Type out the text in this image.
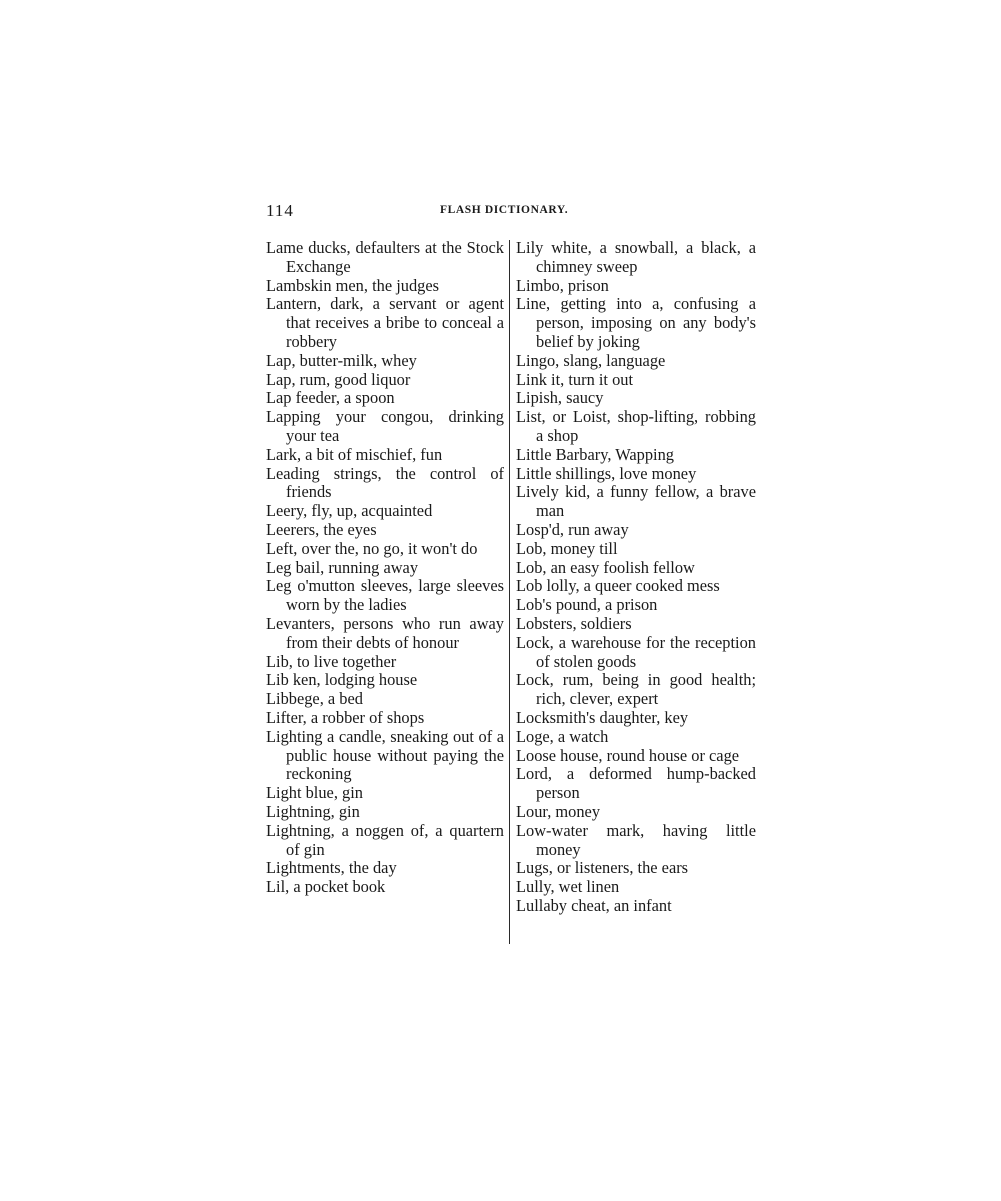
114	FLASH DICTIONARY.
Lame ducks, defaulters at the Stock Exchange
Lambskin men, the judges
Lantern, dark, a servant or agent that receives a bribe to conceal a robbery
Lap, butter-milk, whey
Lap, rum, good liquor
Lap feeder, a spoon
Lapping your congou, drinking your tea
Lark, a bit of mischief, fun
Leading strings, the control of friends
Leery, fly, up, acquainted
Leerers, the eyes
Left, over the, no go, it won't do
Leg bail, running away
Leg o'mutton sleeves, large sleeves worn by the ladies
Levanters, persons who run away from their debts of honour
Lib, to live together
Lib ken, lodging house
Libbege, a bed
Lifter, a robber of shops
Lighting a candle, sneaking out of a public house without paying the reckoning
Light blue, gin
Lightning, gin
Lightning, a noggen of, a quartern of gin
Lightments, the day
Lil, a pocket book
Lily white, a snowball, a black, a chimney sweep
Limbo, prison
Line, getting into a, confusing a person, imposing on any body's belief by joking
Lingo, slang, language
Link it, turn it out
Lipish, saucy
List, or Loist, shop-lifting, robbing a shop
Little Barbary, Wapping
Little shillings, love money
Lively kid, a funny fellow, a brave man
Losp'd, run away
Lob, money till
Lob, an easy foolish fellow
Lob lolly, a queer cooked mess
Lob's pound, a prison
Lobsters, soldiers
Lock, a warehouse for the reception of stolen goods
Lock, rum, being in good health; rich, clever, expert
Locksmith's daughter, key
Loge, a watch
Loose house, round house or cage
Lord, a deformed hump-backed person
Lour, money
Low-water mark, having little money
Lugs, or listeners, the ears
Lully, wet linen
Lullaby cheat, an infant
